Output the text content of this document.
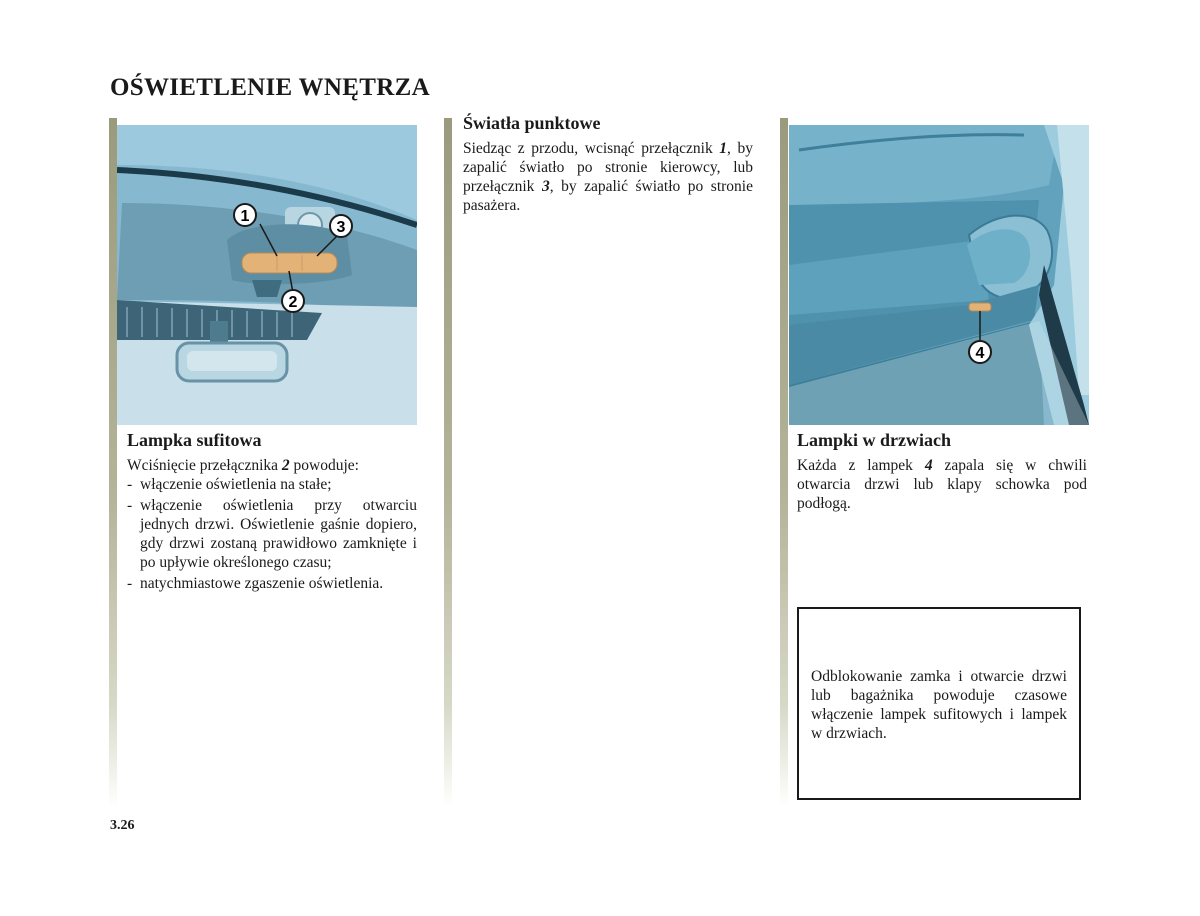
OŚWIETLENIE WNĘTRZA
1
3
2
4
Lampka sufitowa
Wciśnięcie przełącznika 2 powoduje:
- włączenie oświetlenia na stałe;
- włączenie oświetlenia przy otwarciu jednych drzwi. Oświetlenie gaśnie dopiero, gdy drzwi zostaną prawidłowo zamknięte i po upływie określonego czasu;
- natychmiastowe zgaszenie oświetlenia.
Światła punktowe
Siedząc z przodu, wcisnąć przełącznik 1, by zapalić światło po stronie kierowcy, lub przełącznik 3, by zapalić światło po stronie pasażera.
Lampki w drzwiach
Każda z lampek 4 zapala się w chwili otwarcia drzwi lub klapy schowka pod podłogą.
Odblokowanie zamka i otwarcie drzwi lub bagażnika powoduje czasowe włączenie lampek sufitowych i lampek w drzwiach.
3.26
